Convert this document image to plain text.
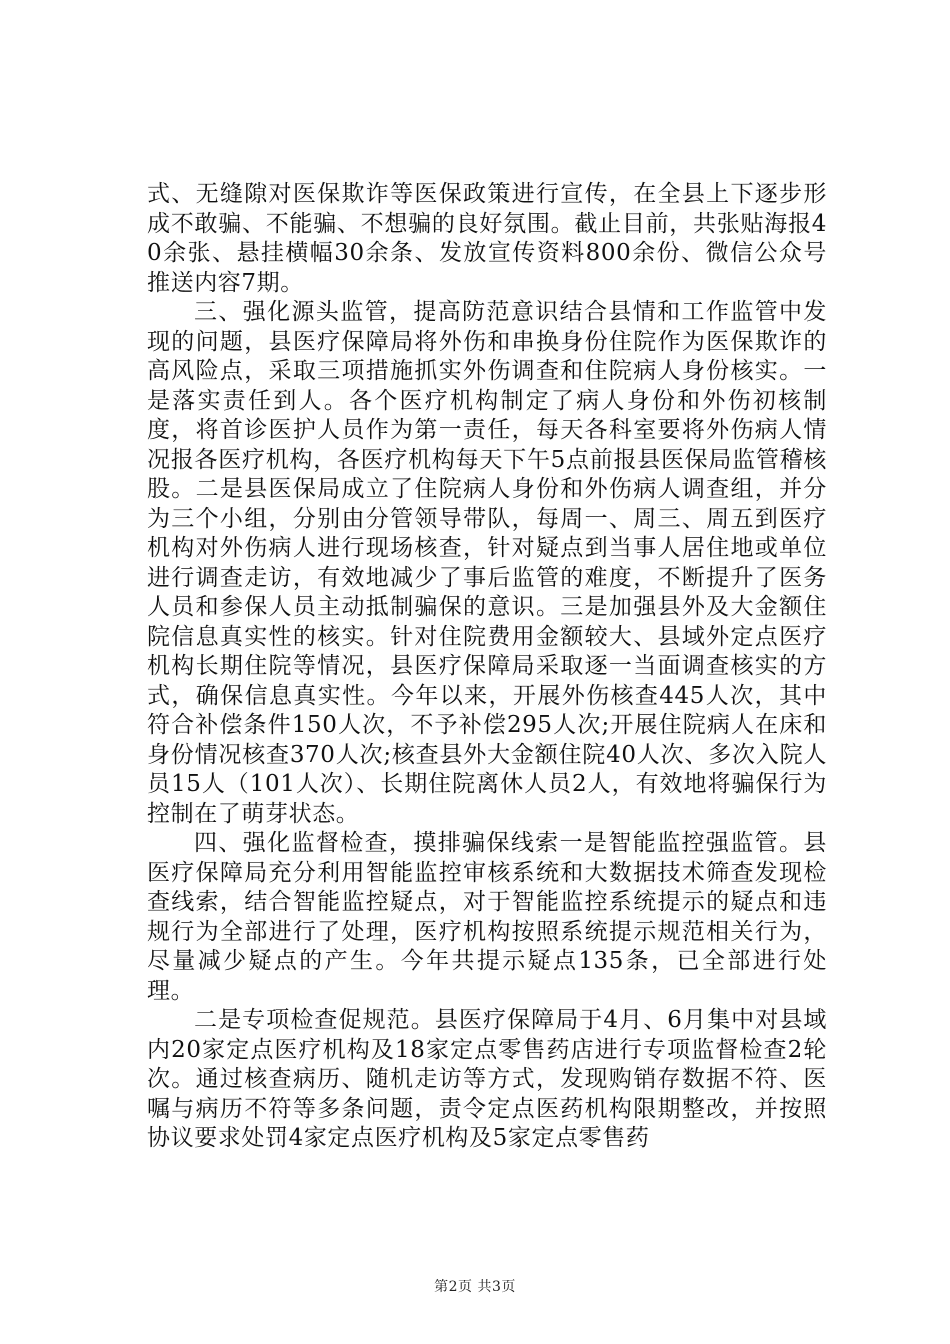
式、无缝隙对医保欺诈等医保政策进行宣传，在全县上下逐步形成不敢骗、不能骗、不想骗的良好氛围。截止目前，共张贴海报40余张、悬挂横幅30余条、发放宣传资料800余份、微信公众号推送内容7期。

三、强化源头监管，提高防范意识结合县情和工作监管中发现的问题，县医疗保障局将外伤和串换身份住院作为医保欺诈的高风险点，采取三项措施抓实外伤调查和住院病人身份核实。一是落实责任到人。各个医疗机构制定了病人身份和外伤初核制度，将首诊医护人员作为第一责任，每天各科室要将外伤病人情况报各医疗机构，各医疗机构每天下午5点前报县医保局监管稽核股。二是县医保局成立了住院病人身份和外伤病人调查组，并分为三个小组，分别由分管领导带队，每周一、周三、周五到医疗机构对外伤病人进行现场核查，针对疑点到当事人居住地或单位进行调查走访，有效地减少了事后监管的难度，不断提升了医务人员和参保人员主动抵制骗保的意识。三是加强县外及大金额住院信息真实性的核实。针对住院费用金额较大、县域外定点医疗机构长期住院等情况，县医疗保障局采取逐一当面调查核实的方式，确保信息真实性。今年以来，开展外伤核查445人次，其中符合补偿条件150人次，不予补偿295人次;开展住院病人在床和身份情况核查370人次;核查县外大金额住院40人次、多次入院人员15人（101人次）、长期住院离休人员2人，有效地将骗保行为控制在了萌芽状态。

四、强化监督检查，摸排骗保线索一是智能监控强监管。县医疗保障局充分利用智能监控审核系统和大数据技术筛查发现检查线索，结合智能监控疑点，对于智能监控系统提示的疑点和违规行为全部进行了处理，医疗机构按照系统提示规范相关行为，尽量减少疑点的产生。今年共提示疑点135条，已全部进行处理。

二是专项检查促规范。县医疗保障局于4月、6月集中对县域内20家定点医疗机构及18家定点零售药店进行专项监督检查2轮次。通过核查病历、随机走访等方式，发现购销存数据不符、医嘱与病历不符等多条问题，责令定点医药机构限期整改，并按照协议要求处罚4家定点医疗机构及5家定点零售药

第2页 共3页
